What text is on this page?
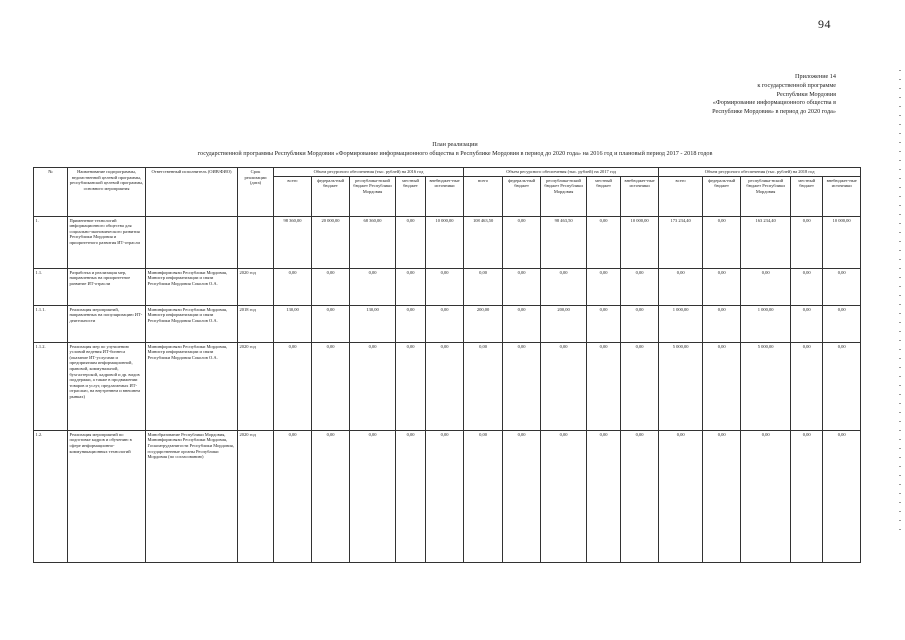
94
Приложение 14
к государственной программе
Республики Мордовия
«Формирование информационного общества в
Республике Мордовия» в период до 2020 года»
План реализации
государственной программы Республики Мордовия «Формирование информационного общества в Республике Мордовия в период до 2020 года» на 2016 год и плановый период 2017 - 2018 годов
№	Наименование подпрограммы, ведомственной целевой программы, республиканской целевой программы, основного мероприятия	Ответственный исполнитель (ОИВ/ФИО)	Срок реализации (дата)	Объем ресурсного обеспечения (тыс. рублей) на 2016 год					Объем ресурсного обеспечения (тыс. рублей) на 2017 год					Объем ресурсного обеспечения (тыс. рублей) на 2018 год				
				всего	федераль-ный бюджет	республика-нский бюджет Республики Мордовия	местный бюджет	внебюджет-ные источники	всего	федераль-ный бюджет	республика-нский бюджет Республики Мордовия	местный бюджет	внебюджет-ные источники	всего	федераль-ный бюджет	республика-нский бюджет Республики Мордовия	местный бюджет	внебюджет-ные источники
1.	Применение технологий информационного общества для социально-экономического развития Республики Мордовия и приоритетного развития ИТ-отрасли			98 360,00	20 000,00	68 360,00	0,00	10 000,00	108 463,50	0,00	98 463,50	0,00	10 000,00	173 234,40	0,00	163 234,40	0,00	10 000,00
1.1.	Разработка и реализация мер, направленных на приоритетное развитие ИТ-отрасли	Мининформсвязи Республики Мордовия, Министр информатизации и связи Республики Мордовия Соколов О.А.	2020 год	0,00	0,00	0,00	0,00	0,00	0,00	0,00	0,00	0,00	0,00	0,00	0,00	0,00	0,00	0,00
1.1.1.	Реализация мероприятий, направленных на популяризацию ИТ-деятельности	Мининформсвязи Республики Мордовия, Министр информатизации и связи Республики Мордовия Соколов О.А.	2018 год	130,00	0,00	130,00	0,00	0,00	200,00	0,00	200,00	0,00	0,00	1 000,00	0,00	1 000,00	0,00	0,00
1.1.2.	Реализация мер по улучшению условий ведения ИТ-бизнеса (оказание ИТ-услугами и предприятиям информационной, правовой, коммунальной, бухгалтерской, кадровой и др. видов поддержки, а также в продвижении товаров и услуг, предлагаемых ИТ-отраслью, на внутреннем и внешнем рынках)	Мининформсвязи Республики Мордовия, Министр информатизации и связи Республики Мордовия Соколов О.А.	2020 год	0,00	0,00	0,00	0,00	0,00	0,00	0,00	0,00	0,00	0,00	5 000,00	0,00	5 000,00	0,00	0,00
1.2.	Реализация мероприятий по подготовке кадров и обучению в сфере информационно-коммуникационных технологий	Минобразование Республики Мордовия, Мининформсвязи Республики Мордовия, Госкомтрудзанятости Республики Мордовия, государственные органы Республики Мордовия (по согласованию)	2020 год	0,00	0,00	0,00	0,00	0,00	0,00	0,00	0,00	0,00	0,00	0,00	0,00	0,00	0,00	0,00
